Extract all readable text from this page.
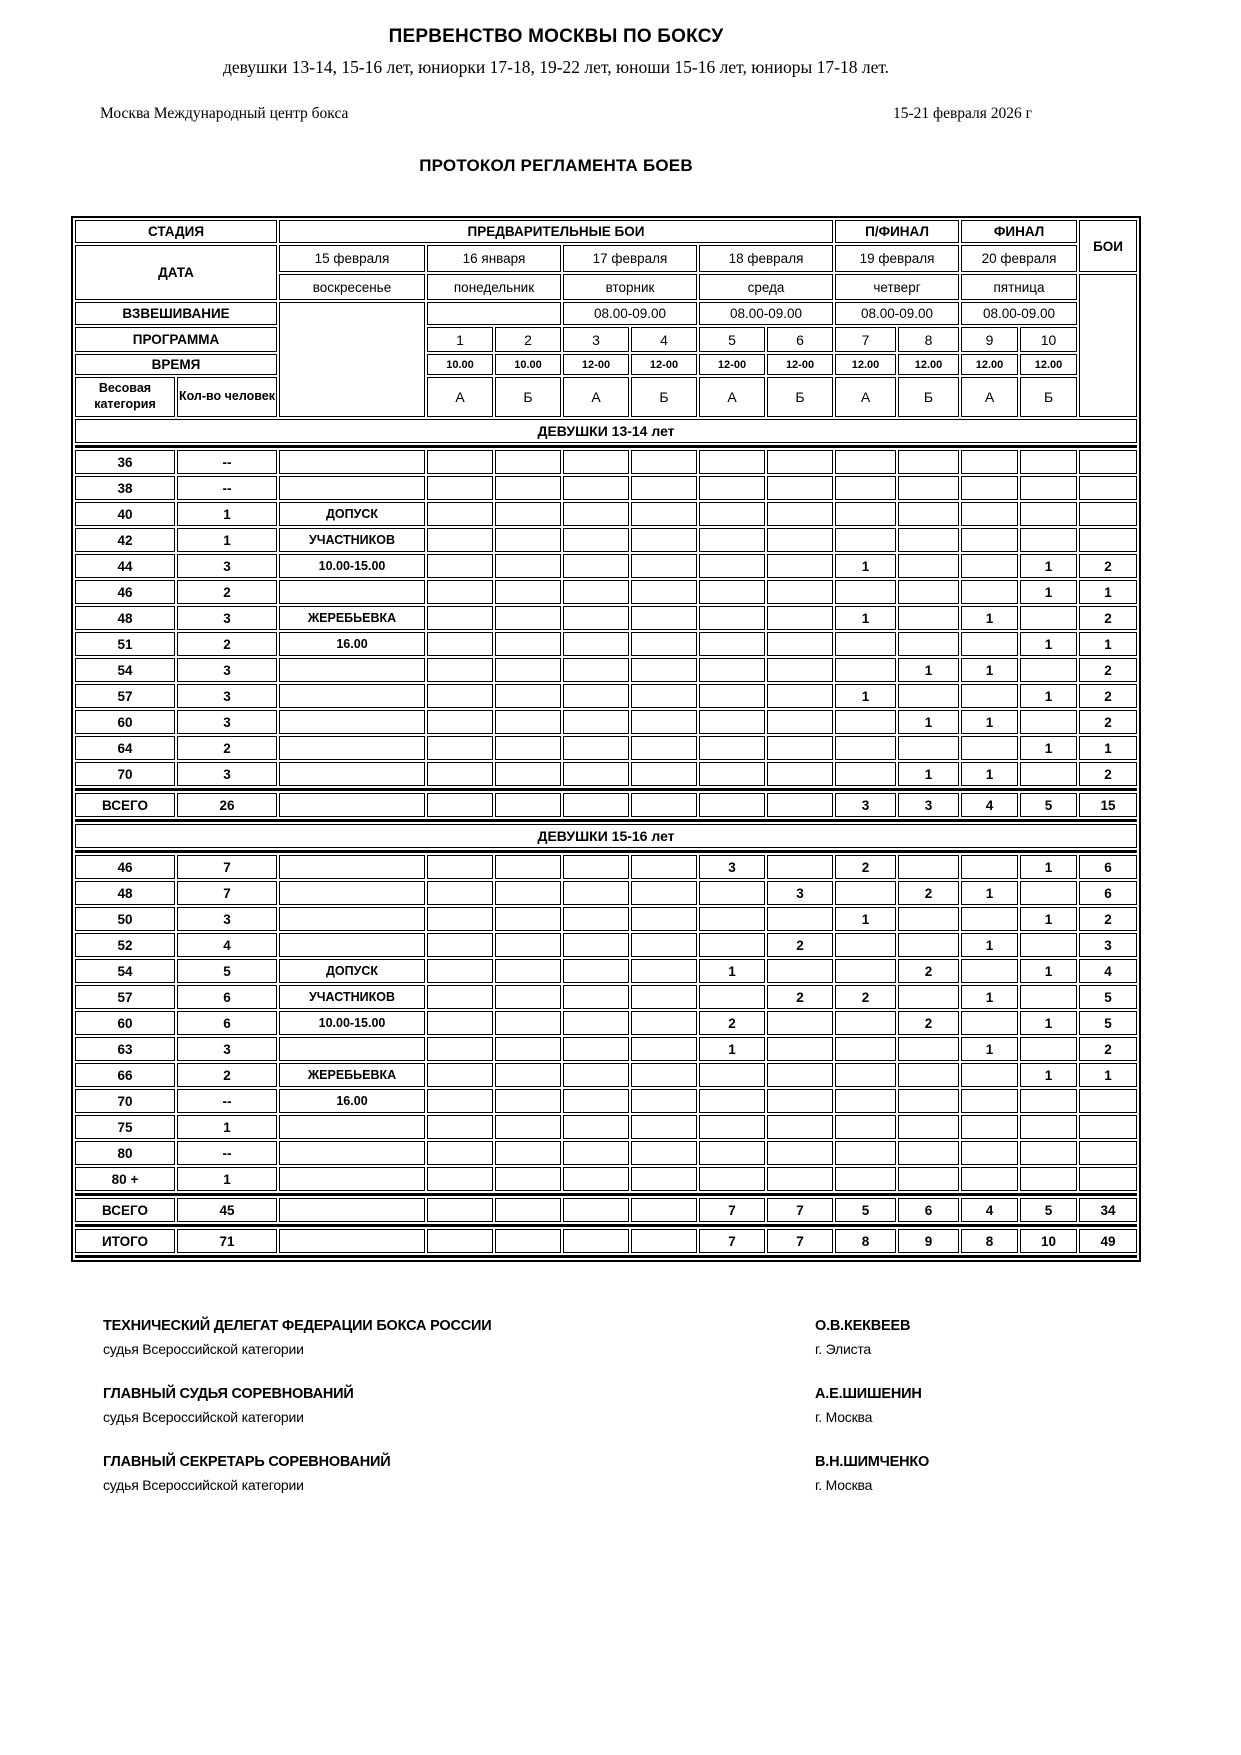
ПЕРВЕНСТВО МОСКВЫ ПО БОКСУ
девушки 13-14, 15-16 лет, юниорки 17-18, 19-22 лет, юноши 15-16 лет, юниоры 17-18 лет.
Москва Международный центр бокса	15-21 февраля 2026 г
ПРОТОКОЛ РЕГЛАМЕНТА БОЕВ
СТАДИЯ		ПРЕДВАРИТЕЛЬНЫЕ БОИ							П/ФИНАЛ		ФИНАЛ		БОИ
ДАТА		15 февраля	16 января		17 февраля		18 февраля		19 февраля		20 февраля		
		воскресенье	понедельник		вторник		среда		четверг		пятница		
ВЗВЕШИВАНИЕ					08.00-09.00		08.00-09.00		08.00-09.00		08.00-09.00		
ПРОГРАММА			1	2	3	4	5	6	7	8	9	10	
ВРЕМЯ			10.00	10.00	12-00	12-00	12-00	12-00	12.00	12.00	12.00	12.00	
Весовая категория	Кол-во человек		А	Б	А	Б	А	Б	А	Б	А	Б	
ДЕВУШКИ 13-14 лет													

36	--												
38	--												
40	1	ДОПУСК											
42	1	УЧАСТНИКОВ											
44	3	10.00-15.00							1			1	2
46	2											1	1
48	3	ЖЕРЕБЬЕВКА							1		1		2
51	2	16.00										1	1
54	3									1	1		2
57	3								1			1	2
60	3									1	1		2
64	2											1	1
70	3									1	1		2

ВСЕГО	26								3	3	4	5	15

ДЕВУШКИ 15-16 лет													

46	7						3		2			1	6
48	7							3		2	1		6
50	3								1			1	2
52	4							2			1		3
54	5	ДОПУСК					1			2		1	4
57	6	УЧАСТНИКОВ						2	2		1		5
60	6	10.00-15.00					2			2		1	5
63	3						1				1		2
66	2	ЖЕРЕБЬЕВКА										1	1
70	--	16.00											
75	1												
80	--												
80 +	1												

ВСЕГО	45						7	7	5	6	4	5	34

ИТОГО	71						7	7	8	9	8	10	49

ТЕХНИЧЕСКИЙ ДЕЛЕГАТ ФЕДЕРАЦИИ БОКСА РОССИИ
судья Всероссийской категории
О.В.КЕКВЕЕВ
г. Элиста
ГЛАВНЫЙ СУДЬЯ СОРЕВНОВАНИЙ
судья Всероссийской категории
А.Е.ШИШЕНИН
г. Москва
ГЛАВНЫЙ СЕКРЕТАРЬ СОРЕВНОВАНИЙ
судья Всероссийской категории
В.Н.ШИМЧЕНКО
г. Москва
